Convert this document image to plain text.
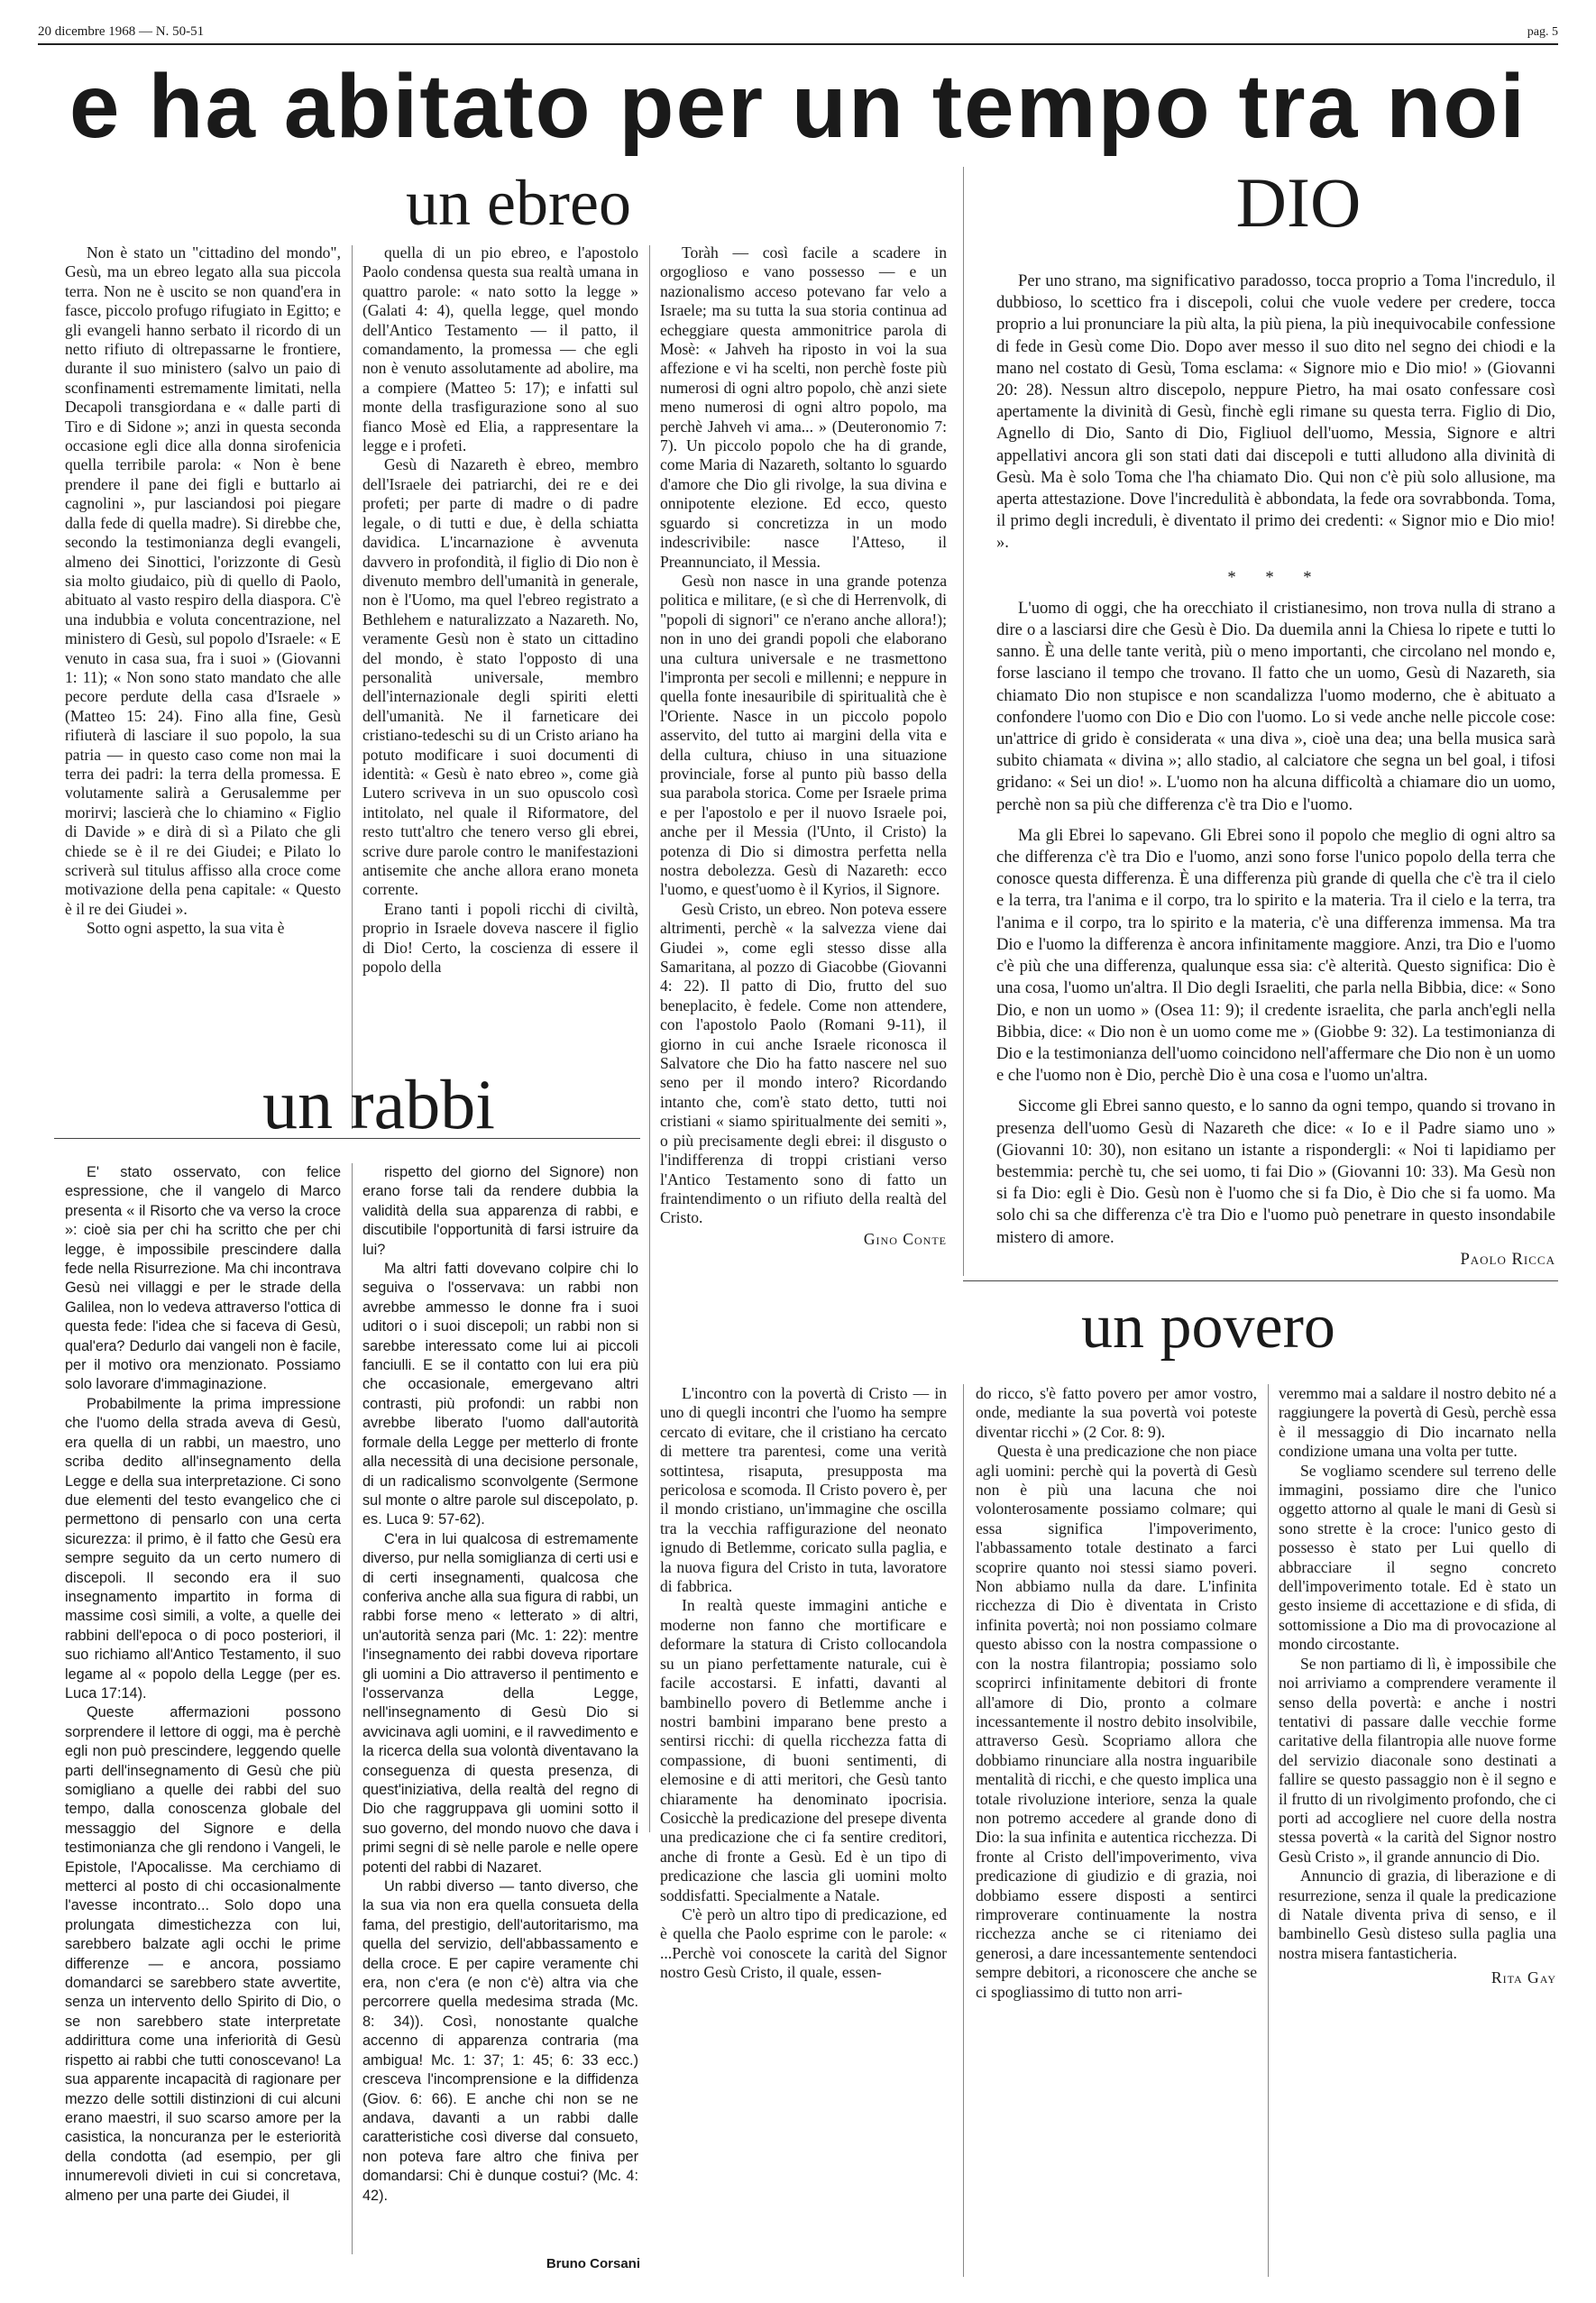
20 dicembre 1968 — N. 50-51	pag. 5
e ha abitato per un tempo tra noi
un ebreo

Non è stato un "cittadino del mondo", Gesù, ma un ebreo legato alla sua piccola terra. Non ne è uscito se non quand'era in fasce, piccolo profugo rifugiato in Egitto; e gli evangeli hanno serbato il ricordo di un netto rifiuto di oltrepassarne le frontiere, durante il suo ministero (salvo un paio di sconfinamenti estremamente limitati, nella Decapoli transgiordana e « dalle parti di Tiro e di Sidone »; anzi in questa seconda occasione egli dice alla donna sirofenicia quella terribile parola: « Non è bene prendere il pane dei figli e buttarlo ai cagnolini », pur lasciandosi poi piegare dalla fede di quella madre). Si direbbe che, secondo la testimonianza degli evangeli, almeno dei Sinottici, l'orizzonte di Gesù sia molto giudaico, più di quello di Paolo, abituato al vasto respiro della diaspora. C'è una indubbia e voluta concentrazione, nel ministero di Gesù, sul popolo d'Israele: « E venuto in casa sua, fra i suoi » (Giovanni 1: 11); « Non sono stato mandato che alle pecore perdute della casa d'Israele » (Matteo 15: 24). Fino alla fine, Gesù rifiuterà di lasciare il suo popolo, la sua patria — in questo caso come non mai la terra dei padri: la terra della promessa. E volutamente salirà a Gerusalemme per morirvi; lascierà che lo chiamino « Figlio di Davide » e dirà di sì a Pilato che gli chiede se è il re dei Giudei; e Pilato lo scriverà sul titulus affisso alla croce come motivazione della pena capitale: « Questo è il re dei Giudei ».

Sotto ogni aspetto, la sua vita è

quella di un pio ebreo, e l'apostolo Paolo condensa questa sua realtà umana in quattro parole: « nato sotto la legge » (Galati 4: 4), quella legge, quel mondo dell'Antico Testamento — il patto, il comandamento, la promessa — che egli non è venuto assolutamente ad abolire, ma a compiere (Matteo 5: 17); e infatti sul monte della trasfigurazione sono al suo fianco Mosè ed Elia, a rappresentare la legge e i profeti.

Gesù di Nazareth è ebreo, membro dell'Israele dei patriarchi, dei re e dei profeti; per parte di madre o di padre legale, o di tutti e due, è della schiatta davidica. L'incarnazione è avvenuta davvero in profondità, il figlio di Dio non è divenuto membro dell'umanità in generale, non è l'Uomo, ma quel l'ebreo registrato a Bethlehem e naturalizzato a Nazareth. No, veramente Gesù non è stato un cittadino del mondo, è stato l'opposto di una personalità universale, membro dell'internazionale degli spiriti eletti dell'umanità. Ne il farneticare dei cristiano-tedeschi su di un Cristo ariano ha potuto modificare i suoi documenti di identità: « Gesù è nato ebreo », come già Lutero scriveva in un suo opuscolo così intitolato, nel quale il Riformatore, del resto tutt'altro che tenero verso gli ebrei, scrive dure parole contro le manifestazioni antisemite che anche allora erano moneta corrente.

Erano tanti i popoli ricchi di civiltà, proprio in Israele doveva nascere il figlio di Dio! Certo, la coscienza di essere il popolo della

Toràh — così facile a scadere in orgoglioso e vano possesso — e un nazionalismo acceso potevano far velo a Israele; ma su tutta la sua storia continua ad echeggiare questa ammonitrice parola di Mosè: « Jahveh ha riposto in voi la sua affezione e vi ha scelti, non perchè foste più numerosi di ogni altro popolo, chè anzi siete meno numerosi di ogni altro popolo, ma perchè Jahveh vi ama... » (Deuteronomio 7: 7). Un piccolo popolo che ha di grande, come Maria di Nazareth, soltanto lo sguardo d'amore che Dio gli rivolge, la sua divina e onnipotente elezione. Ed ecco, questo sguardo si concretizza in un modo indescrivibile: nasce l'Atteso, il Preannunciato, il Messia.

Gesù non nasce in una grande potenza politica e militare, (e sì che di Herrenvolk, di "popoli di signori" ce n'erano anche allora!); non in uno dei grandi popoli che elaborano una cultura universale e ne trasmettono l'impronta per secoli e millenni; e neppure in quella fonte inesauribile di spiritualità che è l'Oriente. Nasce in un piccolo popolo asservito, del tutto ai margini della vita e della cultura, chiuso in una situazione provinciale, forse al punto più basso della sua parabola storica. Come per Israele prima e per l'apostolo e per il nuovo Israele poi, anche per il Messia (l'Unto, il Cristo) la potenza di Dio si dimostra perfetta nella nostra debolezza. Gesù di Nazareth: ecco l'uomo, e quest'uomo è il Kyrios, il Signore.

Gesù Cristo, un ebreo. Non poteva essere altrimenti, perchè « la salvezza viene dai Giudei », come egli stesso disse alla Samaritana, al pozzo di Giacobbe (Giovanni 4: 22). Il patto di Dio, frutto del suo beneplacito, è fedele. Come non attendere, con l'apostolo Paolo (Romani 9-11), il giorno in cui anche Israele riconosca il Salvatore che Dio ha fatto nascere nel suo seno per il mondo intero? Ricordando intanto che, com'è stato detto, tutti noi cristiani « siamo spiritualmente dei semiti », o più precisamente degli ebrei: il disgusto o l'indifferenza di troppi cristiani verso l'Antico Testamento sono di fatto un fraintendimento o un rifiuto della realtà del Cristo.

Gino Conte
DIO

Per uno strano, ma significativo paradosso, tocca proprio a Toma l'incredulo, il dubbioso, lo scettico fra i discepoli, colui che vuole vedere per credere, tocca proprio a lui pronunciare la più alta, la più piena, la più inequivocabile confessione di fede in Gesù come Dio. Dopo aver messo il suo dito nel segno dei chiodi e la mano nel costato di Gesù, Toma esclama: « Signore mio e Dio mio! » (Giovanni 20: 28). Nessun altro discepolo, neppure Pietro, ha mai osato confessare così apertamente la divinità di Gesù, finchè egli rimane su questa terra. Figlio di Dio, Agnello di Dio, Santo di Dio, Figliuol dell'uomo, Messia, Signore e altri appellativi ancora gli son stati dati dai discepoli e tutti alludono alla divinità di Gesù. Ma è solo Toma che l'ha chiamato Dio. Qui non c'è più solo allusione, ma aperta attestazione. Dove l'incredulità è abbondata, la fede ora sovrabbonda. Toma, il primo degli increduli, è diventato il primo dei credenti: « Signor mio e Dio mio! ».

* * *

L'uomo di oggi, che ha orecchiato il cristianesimo, non trova nulla di strano a dire o a lasciarsi dire che Gesù è Dio. Da duemila anni la Chiesa lo ripete e tutti lo sanno. È una delle tante verità, più o meno importanti, che circolano nel mondo e, forse lasciano il tempo che trovano. Il fatto che un uomo, Gesù di Nazareth, sia chiamato Dio non stupisce e non scandalizza l'uomo moderno, che è abituato a confondere l'uomo con Dio e Dio con l'uomo. Lo si vede anche nelle piccole cose: un'attrice di grido è considerata « una diva », cioè una dea; una bella musica sarà subito chiamata « divina »; allo stadio, al calciatore che segna un bel goal, i tifosi gridano: « Sei un dio! ». L'uomo non ha alcuna difficoltà a chiamare dio un uomo, perchè non sa più che differenza c'è tra Dio e l'uomo.

Ma gli Ebrei lo sapevano. Gli Ebrei sono il popolo che meglio di ogni altro sa che differenza c'è tra Dio e l'uomo, anzi sono forse l'unico popolo della terra che conosce questa differenza. È una differenza più grande di quella che c'è tra il cielo e la terra, tra l'anima e il corpo, tra lo spirito e la materia. Tra il cielo e la terra, tra l'anima e il corpo, tra lo spirito e la materia, c'è una differenza immensa. Ma tra Dio e l'uomo la differenza è ancora infinitamente maggiore. Anzi, tra Dio e l'uomo c'è più che una differenza, qualunque essa sia: c'è alterità. Questo significa: Dio è una cosa, l'uomo un'altra. Il Dio degli Israeliti, che parla nella Bibbia, dice: « Sono Dio, e non un uomo » (Osea 11: 9); il credente israelita, che parla anch'egli nella Bibbia, dice: « Dio non è un uomo come me » (Giobbe 9: 32). La testimonianza di Dio e la testimonianza dell'uomo coincidono nell'affermare che Dio non è un uomo e che l'uomo non è Dio, perchè Dio è una cosa e l'uomo un'altra.

Siccome gli Ebrei sanno questo, e lo sanno da ogni tempo, quando si trovano in presenza dell'uomo Gesù di Nazareth che dice: « Io e il Padre siamo uno » (Giovanni 10: 30), non esitano un istante a rispondergli: « Noi ti lapidiamo per bestemmia: perchè tu, che sei uomo, ti fai Dio » (Giovanni 10: 33). Ma Gesù non si fa Dio: egli è Dio. Gesù non è l'uomo che si fa Dio, è Dio che si fa uomo. Ma solo chi sa che differenza c'è tra Dio e l'uomo può penetrare in questo insondabile mistero di amore.

Paolo Ricca
un rabbi

E' stato osservato, con felice espressione, che il vangelo di Marco presenta « il Risorto che va verso la croce »: cioè sia per chi ha scritto che per chi legge, è impossibile prescindere dalla fede nella Risurrezione. Ma chi incontrava Gesù nei villaggi e per le strade della Galilea, non lo vedeva attraverso l'ottica di questa fede: l'idea che si faceva di Gesù, qual'era? Dedurlo dai vangeli non è facile, per il motivo ora menzionato. Possiamo solo lavorare d'immaginazione.

Probabilmente la prima impressione che l'uomo della strada aveva di Gesù, era quella di un rabbi, un maestro, uno scriba dedito all'insegnamento della Legge e della sua interpretazione. Ci sono due elementi del testo evangelico che ci permettono di pensarlo con una certa sicurezza: il primo, è il fatto che Gesù era sempre seguito da un certo numero di discepoli. Il secondo era il suo insegnamento impartito in forma di massime così simili, a volte, a quelle dei rabbini dell'epoca o di poco posteriori, il suo richiamo all'Antico Testamento, il suo legame al « popolo della Legge (per es. Luca 17:14).

Queste affermazioni possono sorprendere il lettore di oggi, ma è perchè egli non può prescindere, leggendo quelle parti dell'insegnamento di Gesù che più somigliano a quelle dei rabbi del suo tempo, dalla conoscenza globale del messaggio del Signore e della testimonianza che gli rendono i Vangeli, le Epistole, l'Apocalisse. Ma cerchiamo di metterci al posto di chi occasionalmente l'avesse incontrato... Solo dopo una prolungata dimestichezza con lui, sarebbero balzate agli occhi le prime differenze — e ancora, possiamo domandarci se sarebbero state avvertite, senza un intervento dello Spirito di Dio, o se non sarebbero state interpretate addirittura come una inferiorità di Gesù rispetto ai rabbi che tutti conoscevano! La sua apparente incapacità di ragionare per mezzo delle sottili distinzioni di cui alcuni erano maestri, il suo scarso amore per la casistica, la noncuranza per le esteriorità della condotta (ad esempio, per gli innumerevoli divieti in cui si concretava, almeno per una parte dei Giudei, il

rispetto del giorno del Signore) non erano forse tali da rendere dubbia la validità della sua apparenza di rabbi, e discutibile l'opportunità di farsi istruire da lui?

Ma altri fatti dovevano colpire chi lo seguiva o l'osservava: un rabbi non avrebbe ammesso le donne fra i suoi uditori o i suoi discepoli; un rabbi non si sarebbe interessato come lui ai piccoli fanciulli. E se il contatto con lui era più che occasionale, emergevano altri contrasti, più profondi: un rabbi non avrebbe liberato l'uomo dall'autorità formale della Legge per metterlo di fronte alla necessità di una decisione personale, di un radicalismo sconvolgente (Sermone sul monte o altre parole sul discepolato, p. es. Luca 9: 57-62).

C'era in lui qualcosa di estremamente diverso, pur nella somiglianza di certi usi e di certi insegnamenti, qualcosa che conferiva anche alla sua figura di rabbi, un rabbi forse meno « letterato » di altri, un'autorità senza pari (Mc. 1: 22): mentre l'insegnamento dei rabbi doveva riportare gli uomini a Dio attraverso il pentimento e l'osservanza della Legge, nell'insegnamento di Gesù Dio si avvicinava agli uomini, e il ravvedimento e la ricerca della sua volontà diventavano la conseguenza di questa presenza, di quest'iniziativa, della realtà del regno di Dio che raggruppava gli uomini sotto il suo governo, del mondo nuovo che dava i primi segni di sè nelle parole e nelle opere potenti del rabbi di Nazaret.

Un rabbi diverso — tanto diverso, che la sua via non era quella consueta della fama, del prestigio, dell'autoritarismo, ma quella del servizio, dell'abbassamento e della croce. E per capire veramente chi era, non c'era (e non c'è) altra via che percorrere quella medesima strada (Mc. 8: 34)). Così, nonostante qualche accenno di apparenza contraria (ma ambigua! Mc. 1: 37; 1: 45; 6: 33 ecc.) cresceva l'incomprensione e la diffidenza (Giov. 6: 66). E anche chi non se ne andava, davanti a un rabbi dalle caratteristiche così diverse dal consueto, non poteva fare altro che finiva per domandarsi: Chi è dunque costui? (Mc. 4: 42).

Bruno Corsani
un povero

L'incontro con la povertà di Cristo — in uno di quegli incontri che l'uomo ha sempre cercato di evitare, che il cristiano ha cercato di mettere tra parentesi, come una verità sottintesa, risaputa, presupposta ma pericolosa e scomoda. Il Cristo povero è, per il mondo cristiano, un'immagine che oscilla tra la vecchia raffigurazione del neonato ignudo di Betlemme, coricato sulla paglia, e la nuova figura del Cristo in tuta, lavoratore di fabbrica.

In realtà queste immagini antiche e moderne non fanno che mortificare e deformare la statura di Cristo collocandola su un piano perfettamente naturale, cui è facile accostarsi. E infatti, davanti al bambinello povero di Betlemme anche i nostri bambini imparano bene presto a sentirsi ricchi: di quella ricchezza fatta di compassione, di buoni sentimenti, di elemosine e di atti meritori, che Gesù tanto chiaramente ha denominato ipocrisia. Cosicchè la predicazione del presepe diventa una predicazione che ci fa sentire creditori, anche di fronte a Gesù. Ed è un tipo di predicazione che lascia gli uomini molto soddisfatti. Specialmente a Natale.

C'è però un altro tipo di predicazione, ed è quella che Paolo esprime con le parole: « ...Perchè voi conoscete la carità del Signor nostro Gesù Cristo, il quale, essen-

do ricco, s'è fatto povero per amor vostro, onde, mediante la sua povertà voi poteste diventar ricchi » (2 Cor. 8: 9).

Questa è una predicazione che non piace agli uomini: perchè qui la povertà di Gesù non è più una lacuna che noi volonterosamente possiamo colmare; qui essa significa l'impoverimento, l'abbassamento totale destinato a farci scoprire quanto noi stessi siamo poveri. Non abbiamo nulla da dare. L'infinita ricchezza di Dio è diventata in Cristo infinita povertà; noi non possiamo colmare questo abisso con la nostra compassione o con la nostra filantropia; possiamo solo scoprirci infinitamente debitori di fronte all'amore di Dio, pronto a colmare incessantemente il nostro debito insolvibile, attraverso Gesù. Scopriamo allora che dobbiamo rinunciare alla nostra inguaribile mentalità di ricchi, e che questo implica una totale rivoluzione interiore, senza la quale non potremo accedere al grande dono di Dio: la sua infinita e autentica ricchezza. Di fronte al Cristo dell'impoverimento, viva predicazione di giudizio e di grazia, noi dobbiamo essere disposti a sentirci rimproverare continuamente la nostra ricchezza anche se ci riteniamo dei generosi, a dare incessantemente sentendoci sempre debitori, a riconoscere che anche se ci spogliassimo di tutto non arri-

veremmo mai a saldare il nostro debito né a raggiungere la povertà di Gesù, perchè essa è il messaggio di Dio incarnato nella condizione umana una volta per tutte.

Se vogliamo scendere sul terreno delle immagini, possiamo dire che l'unico oggetto attorno al quale le mani di Gesù si sono strette è la croce: l'unico gesto di possesso è stato per Lui quello di abbracciare il segno concreto dell'impoverimento totale. Ed è stato un gesto insieme di accettazione e di sfida, di sottomissione a Dio ma di provocazione al mondo circostante.

Se non partiamo di lì, è impossibile che noi arriviamo a comprendere veramente il senso della povertà: e anche i nostri tentativi di passare dalle vecchie forme caritative della filantropia alle nuove forme del servizio diaconale sono destinati a fallire se questo passaggio non è il segno e il frutto di un rivolgimento profondo, che ci porti ad accogliere nel cuore della nostra stessa povertà « la carità del Signor nostro Gesù Cristo », il grande annuncio di Dio.

Annuncio di grazia, di liberazione e di resurrezione, senza il quale la predicazione di Natale diventa priva di senso, e il bambinello Gesù disteso sulla paglia una nostra misera fantasticheria.

Rita Gay
